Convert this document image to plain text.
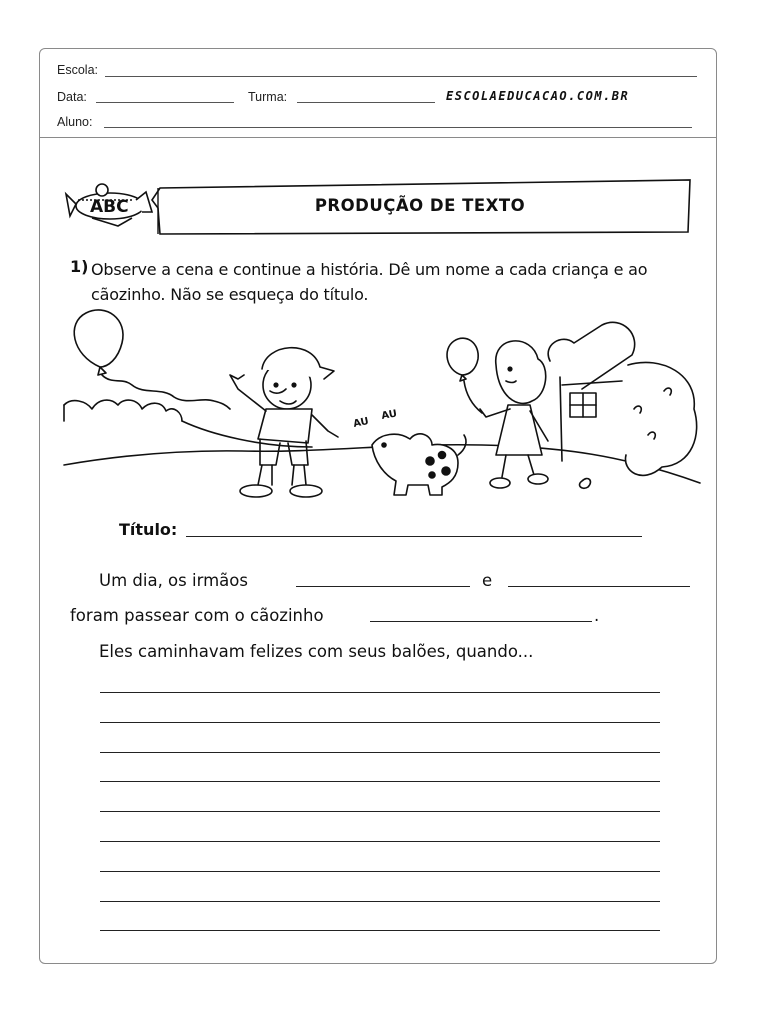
Escola:
Data:	Turma:	ESCOLAEDUCACAO.COM.BR
Aluno:
ABC	PRODUÇÃO DE TEXTO
1) Observe a cena e continue a história. Dê um nome a cada criança e ao cãozinho. Não se esqueça do título.
AU
AU
Título:
Um dia, os irmãos	e
foram passear com o cãozinho	.
Eles caminhavam felizes com seus balões, quando...
